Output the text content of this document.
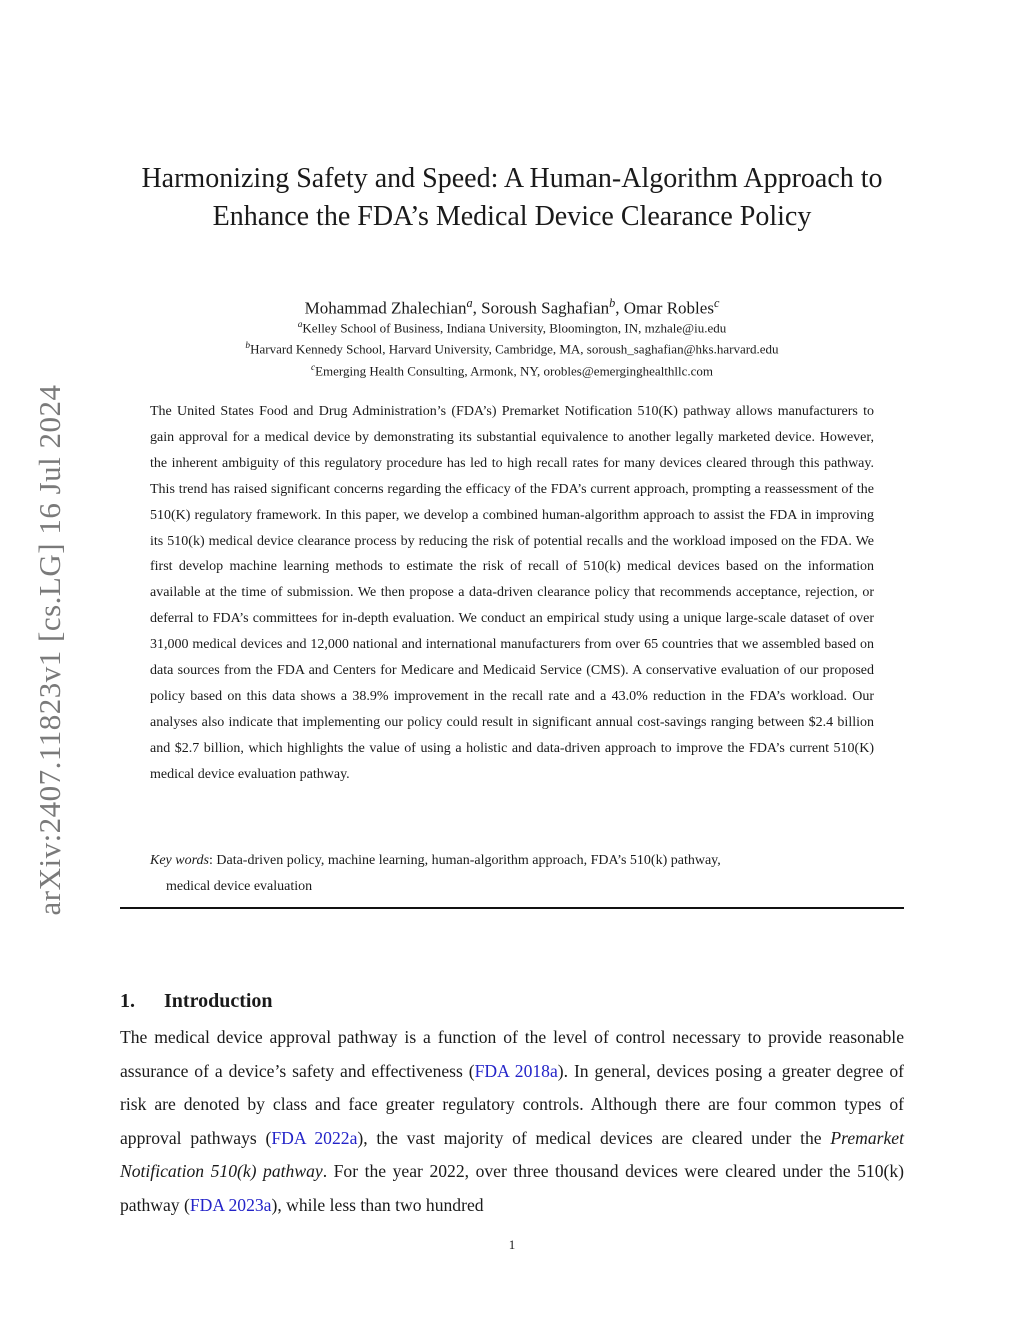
arXiv:2407.11823v1 [cs.LG] 16 Jul 2024
Harmonizing Safety and Speed: A Human-Algorithm Approach to Enhance the FDA’s Medical Device Clearance Policy
Mohammad Zhalechian$^a$, Soroush Saghafian$^b$, Omar Robles$^c$
$^a$Kelley School of Business, Indiana University, Bloomington, IN, mzhale@iu.edu
$^b$Harvard Kennedy School, Harvard University, Cambridge, MA, soroush_saghafian@hks.harvard.edu
$^c$Emerging Health Consulting, Armonk, NY, orobles@emerginghealthllc.com

The United States Food and Drug Administration’s (FDA’s) Premarket Notification 510(K) pathway allows manufacturers to gain approval for a medical device by demonstrating its substantial equivalence to another legally marketed device. However, the inherent ambiguity of this regulatory procedure has led to high recall rates for many devices cleared through this pathway. This trend has raised significant concerns regarding the efficacy of the FDA’s current approach, prompting a reassessment of the 510(K) regulatory framework. In this paper, we develop a combined human-algorithm approach to assist the FDA in improving its 510(k) medical device clearance process by reducing the risk of potential recalls and the workload imposed on the FDA. We first develop machine learning methods to estimate the risk of recall of 510(k) medical devices based on the information available at the time of submission. We then propose a data-driven clearance policy that recommends acceptance, rejection, or deferral to FDA’s committees for in-depth evaluation. We conduct an empirical study using a unique large-scale dataset of over 31,000 medical devices and 12,000 national and international manufacturers from over 65 countries that we assembled based on data sources from the FDA and Centers for Medicare and Medicaid Service (CMS). A conservative evaluation of our proposed policy based on this data shows a 38.9% improvement in the recall rate and a 43.0% reduction in the FDA’s workload. Our analyses also indicate that implementing our policy could result in significant annual cost-savings ranging between $2.4 billion and $2.7 billion, which highlights the value of using a holistic and data-driven approach to improve the FDA’s current 510(K) medical device evaluation pathway.

Key words: Data-driven policy, machine learning, human-algorithm approach, FDA’s 510(k) pathway,
medical device evaluation
1. Introduction

The medical device approval pathway is a function of the level of control necessary to provide reasonable assurance of a device’s safety and effectiveness (FDA 2018a). In general, devices posing a greater degree of risk are denoted by class and face greater regulatory controls. Although there are four common types of approval pathways (FDA 2022a), the vast majority of medical devices are cleared under the Premarket Notification 510(k) pathway. For the year 2022, over three thousand devices were cleared under the 510(k) pathway (FDA 2023a), while less than two hundred

1
